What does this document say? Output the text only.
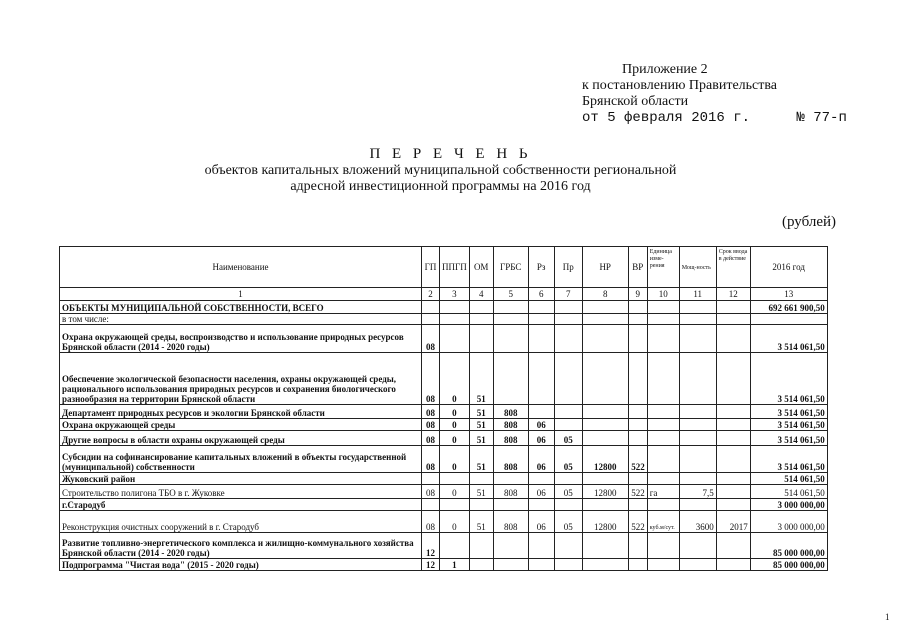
Приложение 2
к постановлению Правительства
Брянской области
от 5 февраля 2016 г.	№ 77-п
П Е Р Е Ч Е Н Ь
объектов капитальных вложений муниципальной собственности региональной
адресной инвестиционной программы на 2016 год
(рублей)
Наименование	ГП	ППГП	ОМ	ГРБС	Рз	Пр	НР	ВР	Единица изме-рения	Мощ-ность	Срок ввода в действие	2016 год
1	2	3	4	5	6	7	8	9	10	11	12	13
ОБЪЕКТЫ МУНИЦИПАЛЬНОЙ СОБСТВЕННОСТИ, ВСЕГО												692 661 900,50
в том числе:												
Охрана окружающей среды, воспроизводство и использование природных ресурсов Брянской области (2014 - 2020 годы)	08											3 514 061,50
Обеспечение экологической безопасности населения, охраны окружающей среды, рационального использования природных ресурсов и сохранения биологического разнообразия на территории Брянской области	08	0	51									3 514 061,50
Департамент природных ресурсов и экологии Брянской области	08	0	51	808								3 514 061,50
Охрана окружающей среды	08	0	51	808	06							3 514 061,50
Другие вопросы в области охраны окружающей среды	08	0	51	808	06	05						3 514 061,50
Субсидии на софинансирование капитальных вложений в объекты государственной (муниципальной) собственности	08	0	51	808	06	05	12800	522				3 514 061,50
Жуковский район												514 061,50
Строительство полигона ТБО в г. Жуковке	08	0	51	808	06	05	12800	522	га	7,5		514 061,50
г.Стародуб												3 000 000,00
Реконструкция очистных сооружений в г. Стародуб	08	0	51	808	06	05	12800	522	куб.м/сут.	3600	2017	3 000 000,00
Развитие топливно-энергетического комплекса и жилищно-коммунального хозяйства Брянской области (2014 - 2020 годы)	12											85 000 000,00
Подпрограмма "Чистая вода" (2015 - 2020 годы)	12	1										85 000 000,00
1
